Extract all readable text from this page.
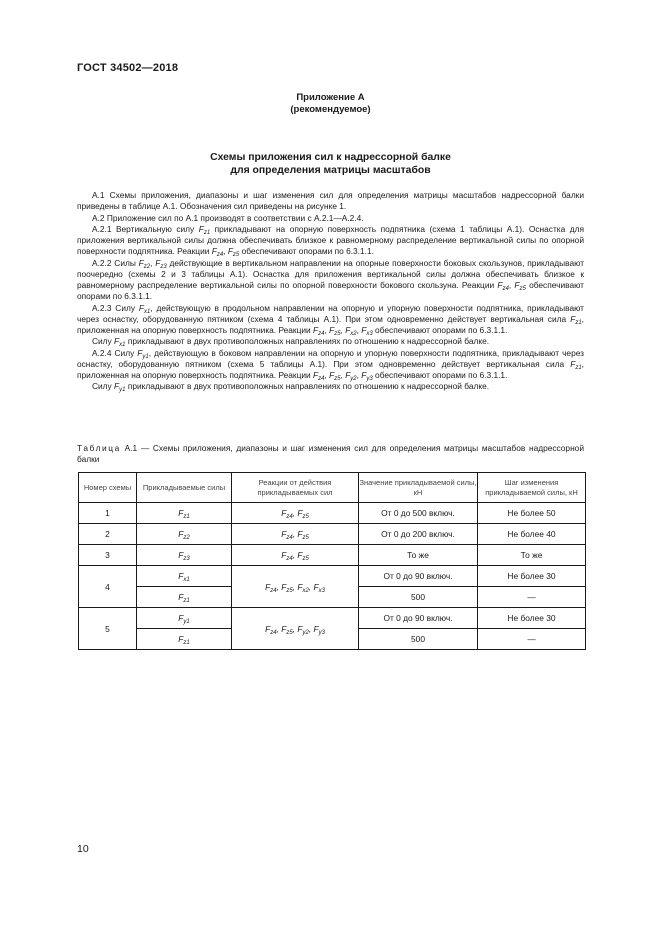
ГОСТ 34502—2018
Приложение А
(рекомендуемое)
Схемы приложения сил к надрессорной балке
для определения матрицы масштабов

А.1 Схемы приложения, диапазоны и шаг изменения сил для определения матрицы масштабов надрессорной балки приведены в таблице А.1. Обозначения сил приведены на рисунке 1.

А.2 Приложение сил по А.1 производят в соответствии с А.2.1—А.2.4.

А.2.1 Вертикальную силу $F_{z1}$ прикладывают на опорную поверхность подпятника (схема 1 таблицы А.1). Оснастка для приложения вертикальной силы должна обеспечивать близкое к равномерному распределение вертикальной силы по опорной поверхности подпятника. Реакции $F_{z4}$, $F_{z5}$ обеспечивают опорами по 6.3.1.1.

А.2.2 Силы $F_{z2}$, $F_{z3}$ действующие в вертикальном направлении на опорные поверхности боковых скользунов, прикладывают поочередно (схемы 2 и 3 таблицы А.1). Оснастка для приложения вертикальной силы должна обеспечивать близкое к равномерному распределение вертикальной силы по опорной поверхности бокового скользуна. Реакции $F_{z4}$, $F_{z5}$ обеспечивают опорами по 6.3.1.1.

А.2.3 Силу $F_{x1}$, действующую в продольном направлении на опорную и упорную поверхности подпятника, прикладывают через оснастку, оборудованную пятником (схема 4 таблицы А.1). При этом одновременно действует вертикальная сила $F_{z1}$, приложенная на опорную поверхность подпятника. Реакции $F_{z4}$, $F_{z5}$, $F_{x2}$, $F_{x3}$ обеспечивают опорами по 6.3.1.1.

Силу $F_{x1}$ прикладывают в двух противоположных направлениях по отношению к надрессорной балке.

А.2.4 Силу $F_{y1}$, действующую в боковом направлении на опорную и упорную поверхности подпятника, прикладывают через оснастку, оборудованную пятником (схема 5 таблицы А.1). При этом одновременно действует вертикальная сила $F_{z1}$, приложенная на опорную поверхность подпятника. Реакции $F_{z4}$, $F_{z5}$, $F_{y2}$, $F_{y3}$ обеспечивают опорами по 6.3.1.1.

Силу $F_{y1}$ прикладывают в двух противоположных направлениях по отношению к надрессорной балке.

Таблица А.1 — Схемы приложения, диапазоны и шаг изменения сил для определения матрицы масштабов надрессорной балки
Номер схемы	Прикладываемые силы	Реакции от действия прикладываемых сил	Значение прикладываемой силы, кН	Шаг изменения прикладываемой силы, кН
1	$F_{z1}$	$F_{z4}$, $F_{z5}$	От 0 до 500 включ.	Не более 50
2	$F_{z2}$	$F_{z4}$, $F_{z5}$	От 0 до 200 включ.	Не более 40
3	$F_{z3}$	$F_{z4}$, $F_{z5}$	То же	То же
4	$F_{x1}$	$F_{z4}$, $F_{z5}$, $F_{x2}$, $F_{x3}$	От 0 до 90 включ.	Не более 30
	$F_{z1}$		500	—
5	$F_{y1}$	$F_{z4}$, $F_{z5}$, $F_{y2}$, $F_{y3}$	От 0 до 90 включ.	Не более 30
	$F_{z1}$		500	—
10
